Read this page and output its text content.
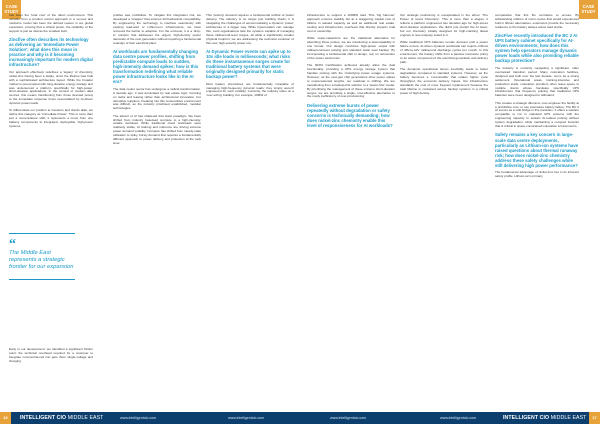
CASE STUDY

has been the 'total cost' of the direct environment. This variable from a product control approach is a so-new and mediocre model has been the defined reason in our global expansion, proving that a critical power, the reliability of the support is just as vital as the smallest built.

Zincfive often describes its technology as delivering an 'Immediate Power Solution'; what does this mean in practice and why is it becoming increasingly important for modern digital infrastructure?

Our approach effectively redefines a 'legacy' of chemistry, nickel-zinc having been a staple, since the lifetime was built with a sophisticated architecture layout. While the broader market is preoccupied with long-duration energy storage and was underserved a platform specifically for high-power, short-duration applications. In the context of modern data centres, this means transitioning from those devoted purely to the immediate response times necessitated by AI-driven dynamic power loads.

To differentiate our position to investors and clients alike, we define this category as 'Immediate Power'. This is more than just a nomenclature shift; it represents a move from one batttery components to integrated, deployable, high-power systems.

“
The Middle East represents a strategic frontier for our expansion

Early in our development, we identified a significant friction point: the technical overhead required for a customer to integrate commercial-cell into gets them single-voltage and charging.

profiles was prohibitive. To mitigate this integration risk, we developed a 'wrapper' that ensures full backwards compatibility. By engineering the technology to interface seamlessly with existing lead-acid or Lithium-ion infrastructure, we have removed the barrier to adoption. For the end-user, it is a 'drop-in' solution that addresses the urgent, high-density power demands of the next generation without requiring a fundamental redesign of their electrical plant.

AI workloads are fundamentally changing data centre power profiles, shifting from predictable compute loads to sudden, high-intensity demand spikes; how is this transformation redefining what reliable power infrastructure looks like in the AI era?

The data centre sector has undergone a radical transformation. A decade ago, it was dominated by real estate logic, focusing on racks and leasing rather than architectural innovation. For disruptive suppliers, breaking into this conservative environment was difficult, as the industry prioritised established, modular technologies.

The advent of AI has shattered that static paradigm. We have shifted from industry baseload compute to a high-intensity, volatile workload. While traditional cloud workloads were relatively stable, AI training and inference are driving extreme power demand volatility. Compute has shifted from steady-state utilisation to spiky, bursty demand that requires a fundamentally different approach to power delivery and protection at the rack level.

This 'pulsing' demand requires a fundamental rethink of power delivery. The industry is no longer just building sheds; it is navigating the challenges of accommodating a dynamic 'power' architecture in a bigger way. While hyperscalers can manage this, most organisations lack the systems capable of managing these millisecond-level surges, all while a significantly smaller physical footprint, we are addressing the technical evolution of this new, high-velocity power era.

AI Dynamic Power events can spike up to 10x idle loads in milliseconds; what risks do these instantaneous surges create for traditional battery systems that were originally designed primarily for static backup power?

Most battery chemistries are fundamentally incapable of managing high-frequency dynamic loads; they simply weren't engineered for such volatility. Currently, the industry relies on a 'over-sizing' building. For example, 10MW of

16	INTELLIGENT CIO MIDDLE EAST	www.intelligentcio.com	www.intelligentcio.com
CASE STUDY

infrastructure to support a 100MW load. This 'big hammer' approach ensures stability but at a staggering capital cost of billions in wasted capacity as well as additional real estate, cooling and infrastructure overhead that directly impacts total cost of ownership.

While super-capacitors are the traditional alternative for absorbing these pulses, we are introducing a dual-capability in one format. Our design combines high-power output with millisecond-level pulsing and standard static load backup. By incorporating a fundamental shift in design, rely on reinvention of the power electronics.

The NFPA Certification achieved already allow the dual functionality, providing a UPS energy storage system that handles pulsing with the Underlying power outage systems. However, as the next-gen chip generations drive power spikes to unprecedented lengths, our roadmap is shifting. We are transitioning from a backup-first solution to a 'power-first' model. By prioritising the management of these extreme short-duration surges, we are providing a single, cost-effective alternative to the costly inefficiency of over-provisioning.

Delivering extreme bursts of power repeatedly without degradation or safety concerns is technically demanding; how does nickel-zinc chemistry enable this level of responsiveness for AI workloads?

Our strategic positioning is encapsulated in the ethos: 'The Power of Good Chemistry'. This is more than a slogan; it reflects a platform engineered two decades ago for high-stress short-duration applications. We didn't just predict the AI wave; but our chemistry initially designed for high-cranking diesel engines is now uniquely suited to it.

While traditional UPS batteries remain dormant until a power failure occurs, AI-driven dynamic workloads can require millions of 48V-to-10V millisecond discharge cycles per month. In this environment, the battery shifts from a passive insurance policy to an active component of the electrical generation and delivery path.

The demands operational tempo inevitably leads to faster degradation compared to standard systems. However, as the battery becomes a 'consumable' that relates higher cycle throughput, the economic delivery impact. Our infrastructure standards the cost of more frequent replacement because the total lifetime is contained across backup systems in a critical power of high density.

comparative that this fits contraries to ensure. By withstanding millions of micro-cycles that would experienced built in lithium alternatives, extensions provide the necessary resilience to the battery always active load profile.

ZincFive recently introduced the BC 2 AI UPS battery cabinet specifically for AI-driven environments; how does this system help operators manage dynamic power loads while also providing reliable backup protection?

The industry is currently navigating a significant, often overlooked transition period. Many colocation facilities, designed and built over the last decade, serve as a strong settlement. Operational areas, training-intensive and production loads, colocation providers often lease space to multiple clients whose hardware specifically UPS infrastructure that frequency pulsing that traditional UPS batteries were never designed to withstand.

This creates a strategic dilemma; over-engineer the facility at a prohibitive cost, or use premature battery failure. The BC 2 AI serves as a vital bridge in this transition. It offers a solution compatible to run in standard UPS systems with the engineering capacity to sustain AI-related pulsing without system degradation, while maintaining a compact footprint that is critical in space-constrained colocation environments.

Safety remains a key concern in large-scale data centre deployments, particularly as Lithium-ion systems have raised questions about thermal runaway risk; how does nickel-zinc chemistry address these safety challenges while still delivering high power performance?

The fundamental advantage of nickel-zinc lies in its inherent safety profile. Lithium-ion's primary

www.intelligentcio.com	www.intelligentcio.com	INTELLIGENT CIO MIDDLE EAST	17
